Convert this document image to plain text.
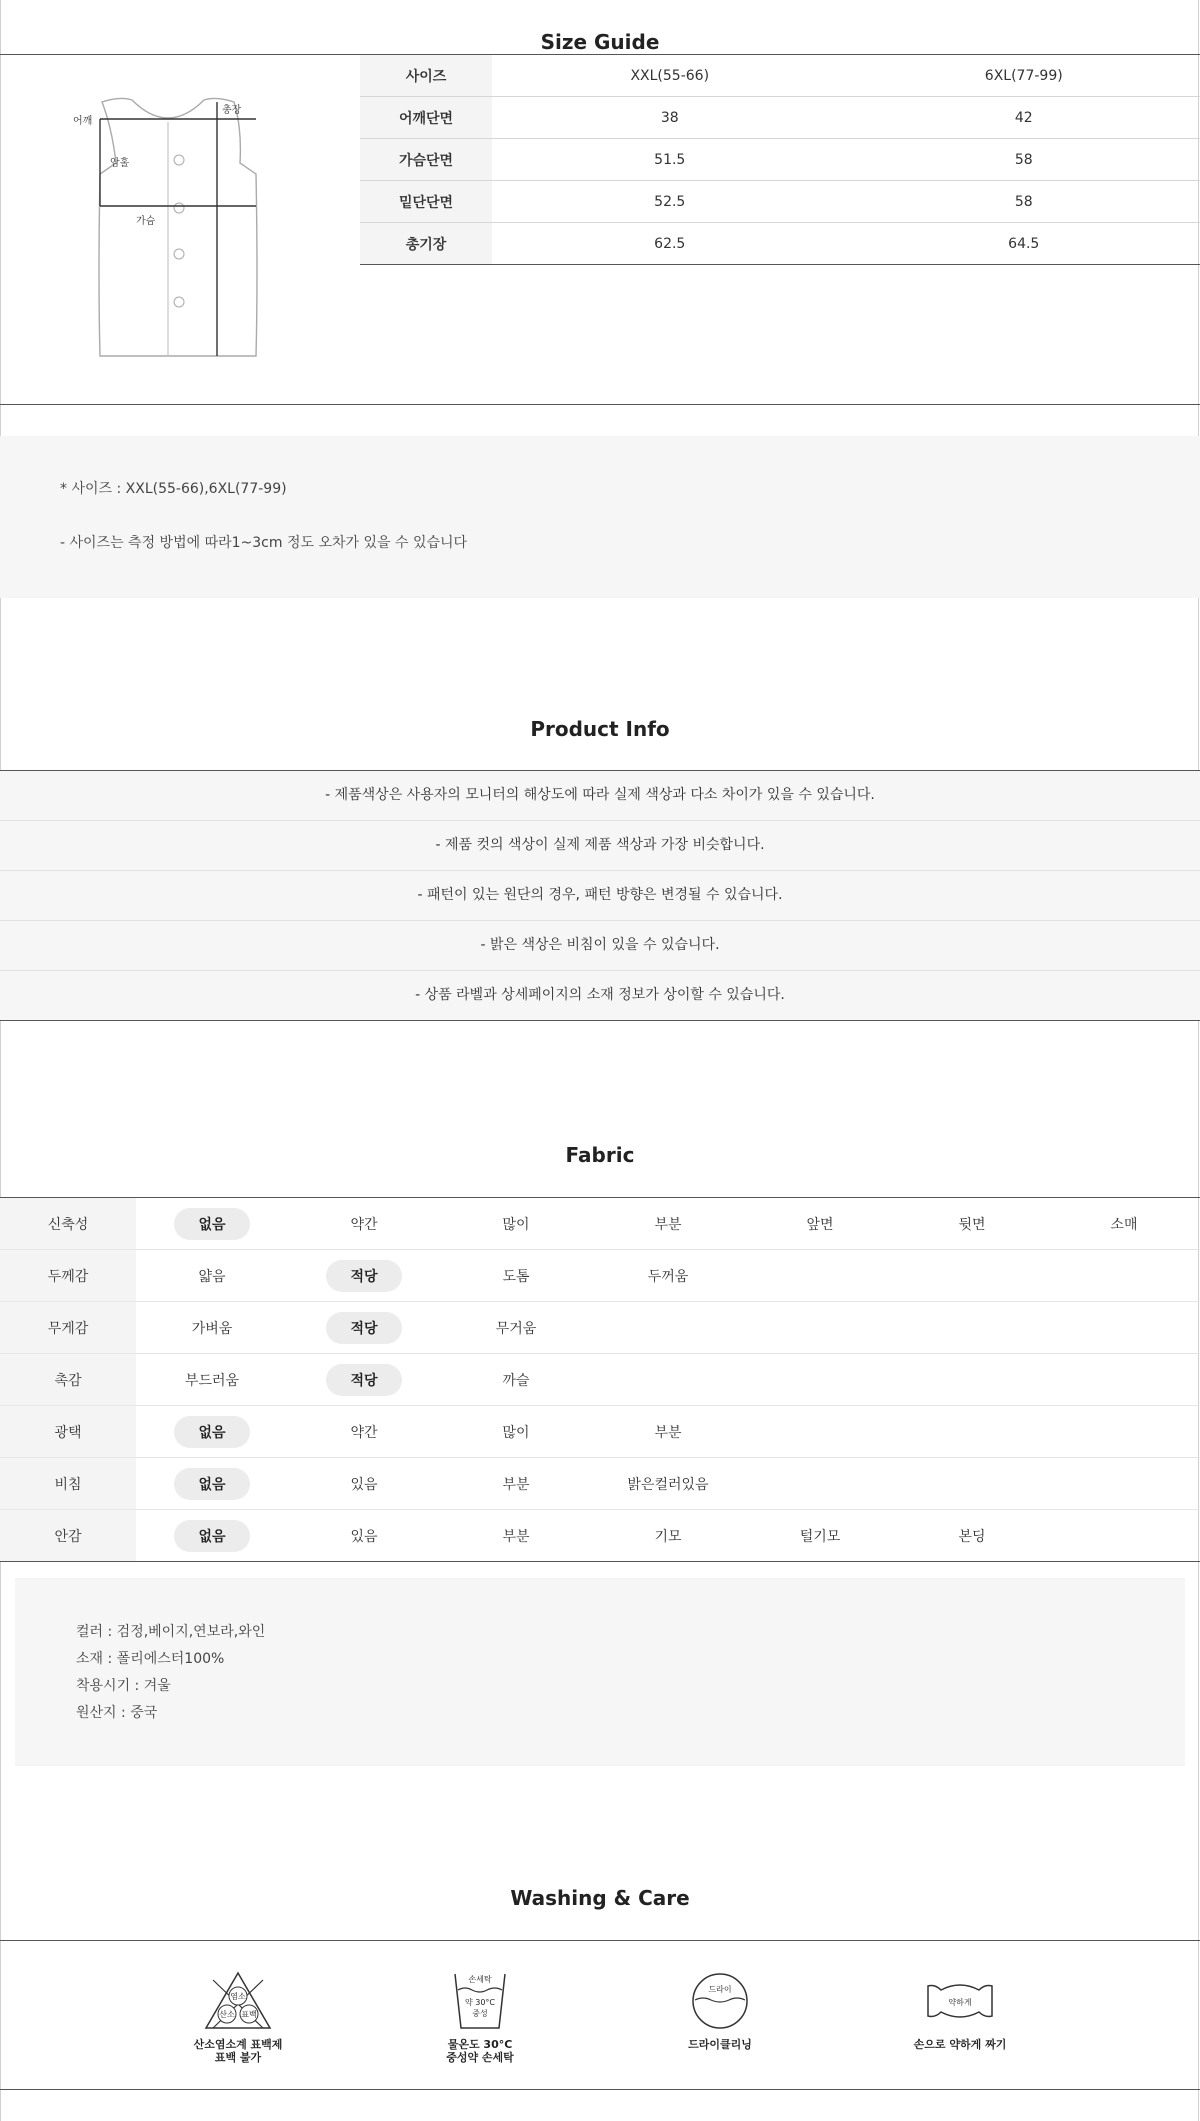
Size Guide
어깨
총장
암홀
가슴
사이즈	XXL(55-66)	6XL(77-99)
어깨단면	38	42
가슴단면	51.5	58
밑단단면	52.5	58
총기장	62.5	64.5
* 사이즈 : XXL(55-66),6XL(77-99)
- 사이즈는 측정 방법에 따라1~3cm 정도 오차가 있을 수 있습니다
Product Info
- 제품색상은 사용자의 모니터의 해상도에 따라 실제 색상과 다소 차이가 있을 수 있습니다.
- 제품 컷의 색상이 실제 제품 색상과 가장 비슷합니다.
- 패턴이 있는 원단의 경우, 패턴 방향은 변경될 수 있습니다.
- 밝은 색상은 비침이 있을 수 있습니다.
- 상품 라벨과 상세페이지의 소재 정보가 상이할 수 있습니다.
Fabric
신축성	없음	약간	많이	부분	앞면	뒷면	소매
두께감	얇음	적당	도톰	두꺼움			
무게감	가벼움	적당	무거움				
촉감	부드러움	적당	까슬				
광택	없음	약간	많이	부분			
비침	없음	있음	부분	밝은컬러있음			
안감	없음	있음	부분	기모	털기모	본딩	
컬러 : 검정,베이지,연보라,와인
소재 : 폴리에스터100%
착용시기 : 겨울
원산지 : 중국
Washing & Care
염소
산소 표백
산소염소계 표백제
표백 불가
손세탁
약 30°C
중성
물온도 30°C
중성약 손세탁
드라이
드라이클리닝
약하게
손으로 약하게 짜기
